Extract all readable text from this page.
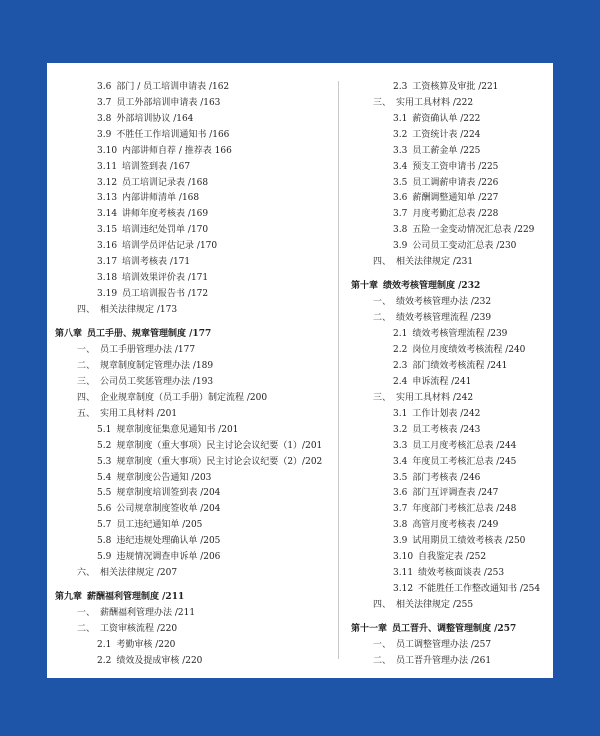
3.6 部门 / 员工培训申请表 /162
3.7 员工外部培训申请表 /163
3.8 外部培训协议 /164
3.9 不胜任工作培训通知书 /166
3.10 内部讲师自荐 / 推荐表 166
3.11 培训签到表 /167
3.12 员工培训记录表 /168
3.13 内部讲师清单 /168
3.14 讲师年度考核表 /169
3.15 培训违纪处罚单 /170
3.16 培训学员评估记录 /170
3.17 培训考核表 /171
3.18 培训效果评价表 /171
3.19 员工培训报告书 /172
四、 相关法律规定 /173
第八章 员工手册、规章管理制度 /177
一、 员工手册管理办法 /177
二、 规章制度制定管理办法 /189
三、 公司员工奖惩管理办法 /193
四、 企业规章制度（员工手册）制定流程 /200
五、 实用工具材料 /201
5.1 规章制度征集意见通知书 /201
5.2 规章制度（重大事项）民主讨论会议纪要（1）/201
5.3 规章制度（重大事项）民主讨论会议纪要（2）/202
5.4 规章制度公告通知 /203
5.5 规章制度培训签到表 /204
5.6 公司规章制度签收单 /204
5.7 员工违纪通知单 /205
5.8 违纪违规处理确认单 /205
5.9 违规情况调查申诉单 /206
六、 相关法律规定 /207
第九章 薪酬福利管理制度 /211
一、 薪酬福利管理办法 /211
二、 工资审核流程 /220
2.1 考勤审核 /220
2.2 绩效及提成审核 /220
2.3 工资核算及审批 /221
三、 实用工具材料 /222
3.1 薪资确认单 /222
3.2 工资统计表 /224
3.3 员工薪金单 /225
3.4 预支工资申请书 /225
3.5 员工调薪申请表 /226
3.6 薪酬调整通知单 /227
3.7 月度考勤汇总表 /228
3.8 五险一金变动情况汇总表 /229
3.9 公司员工变动汇总表 /230
四、 相关法律规定 /231
第十章 绩效考核管理制度 /232
一、 绩效考核管理办法 /232
二、 绩效考核管理流程 /239
2.1 绩效考核管理流程 /239
2.2 岗位月度绩效考核流程 /240
2.3 部门绩效考核流程 /241
2.4 申诉流程 /241
三、 实用工具材料 /242
3.1 工作计划表 /242
3.2 员工考核表 /243
3.3 员工月度考核汇总表 /244
3.4 年度员工考核汇总表 /245
3.5 部门考核表 /246
3.6 部门互评调查表 /247
3.7 年度部门考核汇总表 /248
3.8 高管月度考核表 /249
3.9 试用期员工绩效考核表 /250
3.10 自我鉴定表 /252
3.11 绩效考核面谈表 /253
3.12 不能胜任工作整改通知书 /254
四、 相关法律规定 /255
第十一章 员工晋升、调整管理制度 /257
一、 员工调整管理办法 /257
二、 员工晋升管理办法 /261
